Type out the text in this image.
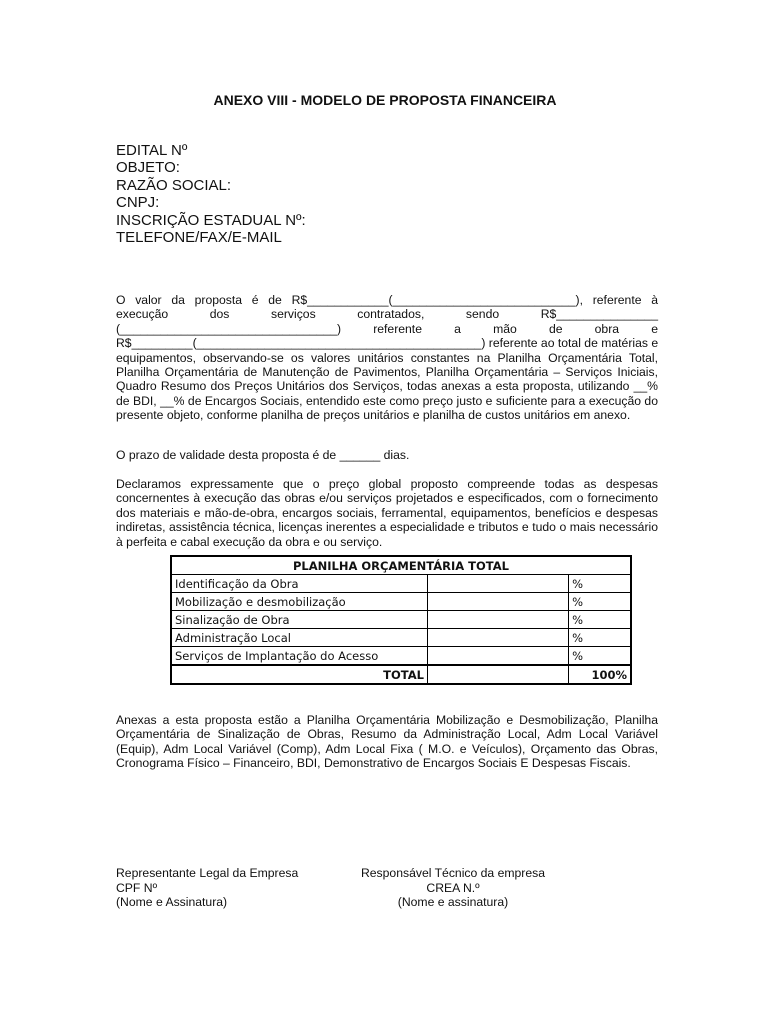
ANEXO VIII - MODELO DE PROPOSTA FINANCEIRA
EDITAL Nº
OBJETO:
RAZÃO SOCIAL:
CNPJ:
INSCRIÇÃO ESTADUAL Nº:
TELEFONE/FAX/E-MAIL
O valor da proposta é de R$____________(___________________________), referente à
execução	dos	serviços	contratados,	sendo	R$_______________
(________________________________)	referente	a	mão	de	obra	e
R$_________(__________________________________________) referente ao total de matérias e
equipamentos, observando-se os valores unitários constantes na Planilha Orçamentária Total, Planilha Orçamentária de Manutenção de Pavimentos, Planilha Orçamentária – Serviços Iniciais, Quadro Resumo dos Preços Unitários dos Serviços, todas anexas a esta proposta, utilizando __% de BDI, __% de Encargos Sociais, entendido este como preço justo e suficiente para a execução do presente objeto, conforme planilha de preços unitários e planilha de custos unitários em anexo.
O prazo de validade desta proposta é de ______ dias.
Declaramos expressamente que o preço global proposto compreende todas as despesas concernentes à execução das obras e/ou serviços projetados e especificados, com o fornecimento dos materiais e mão-de-obra, encargos sociais, ferramental, equipamentos, benefícios e despesas indiretas, assistência técnica, licenças inerentes a especialidade e tributos e tudo o mais necessário à perfeita e cabal execução da obra e ou serviço.
PLANILHA ORÇAMENTÁRIA TOTAL		
Identificação da Obra		%
Mobilização e desmobilização		%
Sinalização de Obra		%
Administração Local		%
Serviços de Implantação do Acesso		%
TOTAL		100%
Anexas a esta proposta estão a Planilha Orçamentária Mobilização e Desmobilização, Planilha Orçamentária de Sinalização de Obras, Resumo da Administração Local, Adm Local Variável (Equip), Adm Local Variável (Comp), Adm Local Fixa ( M.O. e Veículos), Orçamento das Obras, Cronograma Físico – Financeiro, BDI, Demonstrativo de Encargos Sociais E Despesas Fiscais.
Representante Legal da Empresa
CPF Nº
(Nome e Assinatura)
Responsável Técnico da empresa
CREA N.º
(Nome e assinatura)
